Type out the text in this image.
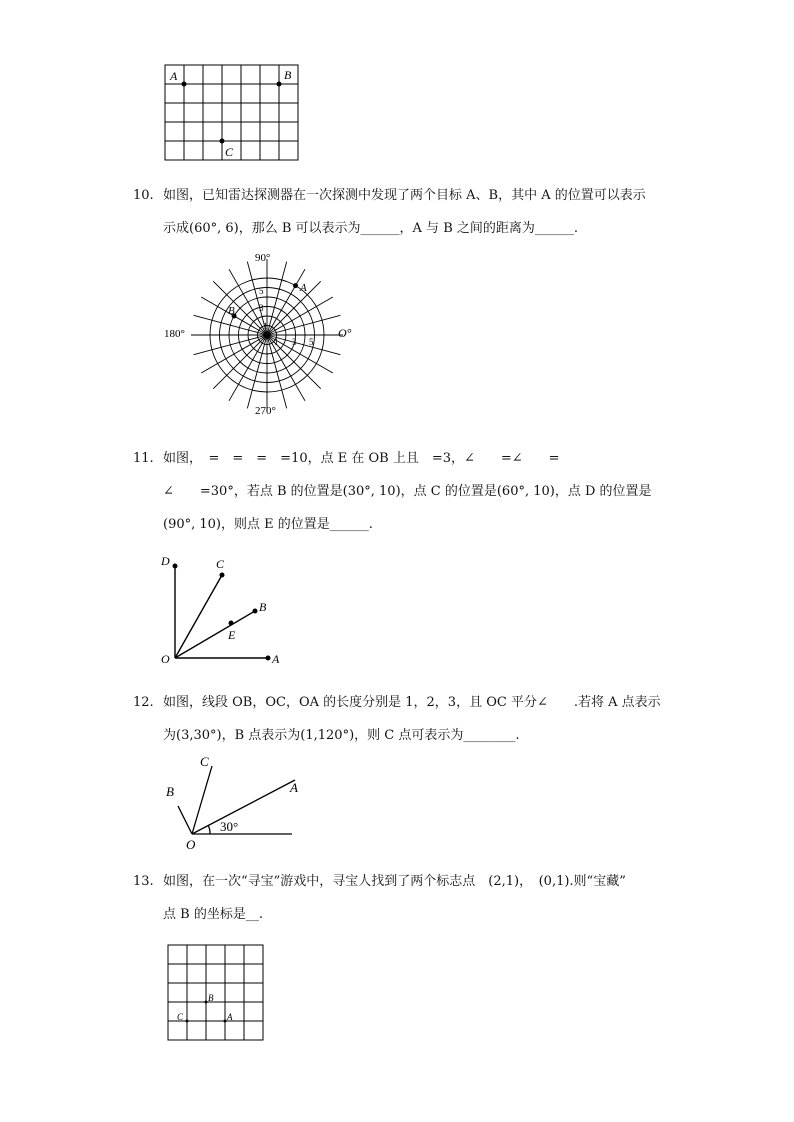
A	B
C
10. 如图，已知雷达探测器在一次探测中发现了两个目标 A、B，其中 A 的位置可以表示
示成(60°, 6)，那么 B 可以表示为______，A 与 B 之间的距离为______.
90°
180°
270°
O°
1
3
5
1 3 5
A
B
11. 如图，　=　=　=　=10，点 E 在 OB 上且　=3，∠　　=∠　　=
∠　　=30°，若点 B 的位置是(30°, 10)，点 C 的位置是(60°, 10)，点 D 的位置是
(90°, 10)，则点 E 的位置是______.
D	C
B
E
O	A
12. 如图，线段 OB，OC，OA 的长度分别是 1，2，3，且 OC 平分∠　　.若将 A 点表示
为(3,30°)，B 点表示为(1,120°)，则 C 点可表示为________.
C
B	A
O
30°
13. 如图，在一次“寻宝”游戏中，寻宝人找到了两个标志点　(2,1)，　(0,1).则“宝藏”
点 B 的坐标是__.
B
C	A
